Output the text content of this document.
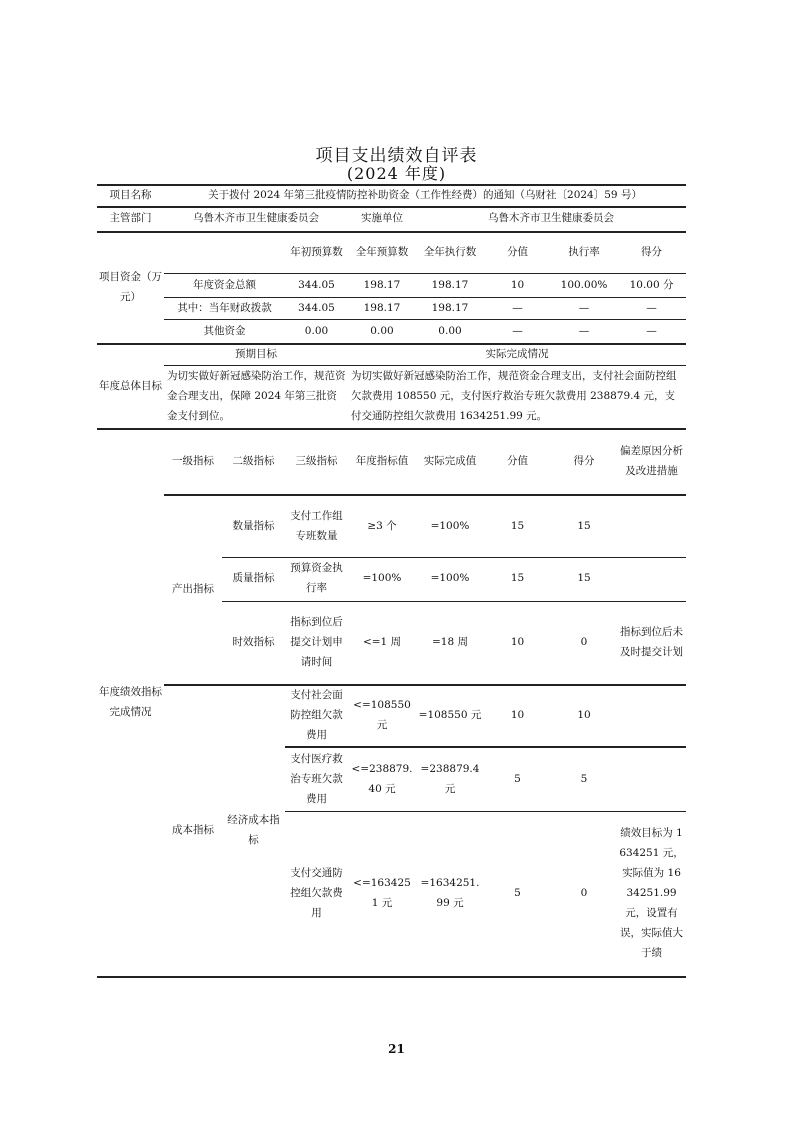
项目支出绩效自评表
(2024 年度)
项目名称	关于拨付 2024 年第三批疫情防控补助资金（工作性经费）的通知（乌财社〔2024〕59 号）							
主管部门	乌鲁木齐市卫生健康委员会			实施单位	乌鲁木齐市卫生健康委员会			
项目资金（万元）			年初预算数	全年预算数	全年执行数	分值	执行率	得分
	年度资金总额		344.05	198.17	198.17	10	100.00%	10.00 分
	其中：当年财政拨款		344.05	198.17	198.17	—	—	—
	其他资金		0.00	0.00	0.00	—	—	—
年度总体目标	预期目标			实际完成情况				
	为切实做好新冠感染防治工作，规范资金合理支出，保障 2024 年第三批资金支付到位。			为切实做好新冠感染防治工作，规范资金合理支出，支付社会面防控组欠款费用 108550 元，支付医疗救治专班欠款费用 238879.4 元，支付交通防控组欠款费用 1634251.99 元。				
年度绩效指标完成情况	一级指标	二级指标	三级指标	年度指标值	实际完成值	分值	得分	偏差原因分析及改进措施
	产出指标	数量指标	支付工作组专班数量	≥3 个	=100%	15	15	
		质量指标	预算资金执行率	=100%	=100%	15	15	
		时效指标	指标到位后提交计划申请时间	<=1 周	=18 周	10	0	指标到位后未及时提交计划
	成本指标	经济成本指标	支付社会面防控组欠款费用	<=108550 元	=108550 元	10	10	
			支付医疗救治专班欠款费用	<=238879.40 元	=238879.4 元	5	5	
			支付交通防控组欠款费用	<=1634251 元	=1634251.99 元	5	0	绩效目标为 1634251 元，实际值为 1634251.99 元，设置有误，实际值大于绩
21
